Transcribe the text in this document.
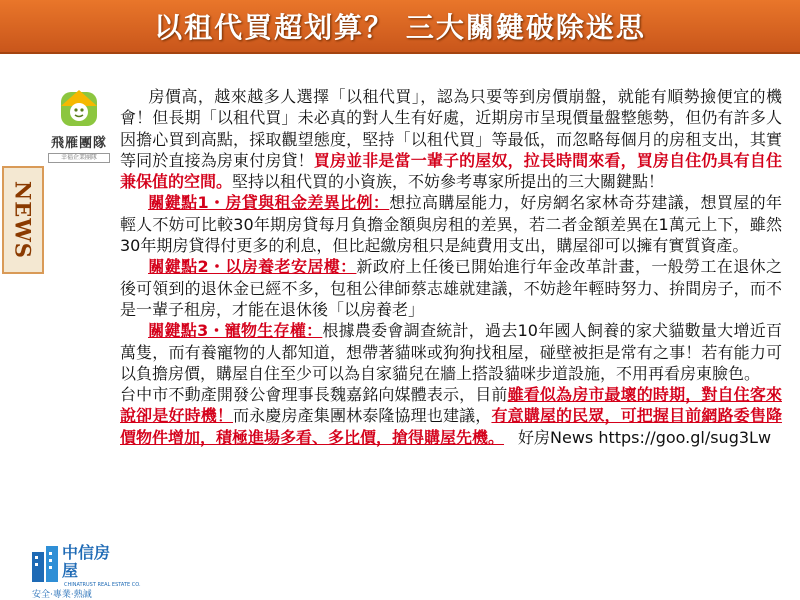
以租代買超划算？ 三大關鍵破除迷思
飛雁團隊
幸福企業團隊
NEWS

房價高，越來越多人選擇「以租代買」，認為只要等到房價崩盤，就能有順勢撿便宜的機會！但長期「以租代買」未必真的對人生有好處，近期房市呈現價量盤整態勢，但仍有許多人因擔心買到高點，採取觀望態度，堅持「以租代買」等最低，而忽略每個月的房租支出，其實等同於直接為房東付房貸！買房並非是當一輩子的屋奴，拉長時間來看，買房自住仍具有自住兼保值的空間。堅持以租代買的小資族，不妨參考專家所提出的三大關鍵點！

關鍵點1・房貸與租金差異比例：想拉高購屋能力，好房網名家林奇芬建議，想買屋的年輕人不妨可比較30年期房貸每月負擔金額與房租的差異，若二者金額差異在1萬元上下，雖然30年期房貸得付更多的利息，但比起繳房租只是純費用支出，購屋卻可以擁有實質資產。

關鍵點2・以房養老安居樓：新政府上任後已開始進行年金改革計畫，一般勞工在退休之後可領到的退休金已經不多，包租公律師蔡志雄就建議，不妨趁年輕時努力、拚間房子，而不是一輩子租房，才能在退休後「以房養老」

關鍵點3・寵物生存權：根據農委會調查統計，過去10年國人飼養的家犬貓數量大增近百萬隻，而有養寵物的人都知道，想帶著貓咪或狗狗找租屋，碰壁被拒是常有之事！若有能力可以負擔房價，購屋自住至少可以為自家貓兒在牆上搭設貓咪步道設施，不用再看房東臉色。

台中市不動產開發公會理事長魏嘉銘向媒體表示，目前雖看似為房市最壞的時期，對自住客來說卻是好時機！而永慶房產集團林泰隆協理也建議，有意購屋的民眾，可把握目前網路委售降價物件增加，積極進場多看、多比價，搶得購屋先機。 好房News https://goo.gl/sug3Lw

中信房屋
CHINATRUST REAL ESTATE CO.
安全‧專業‧熱誠
